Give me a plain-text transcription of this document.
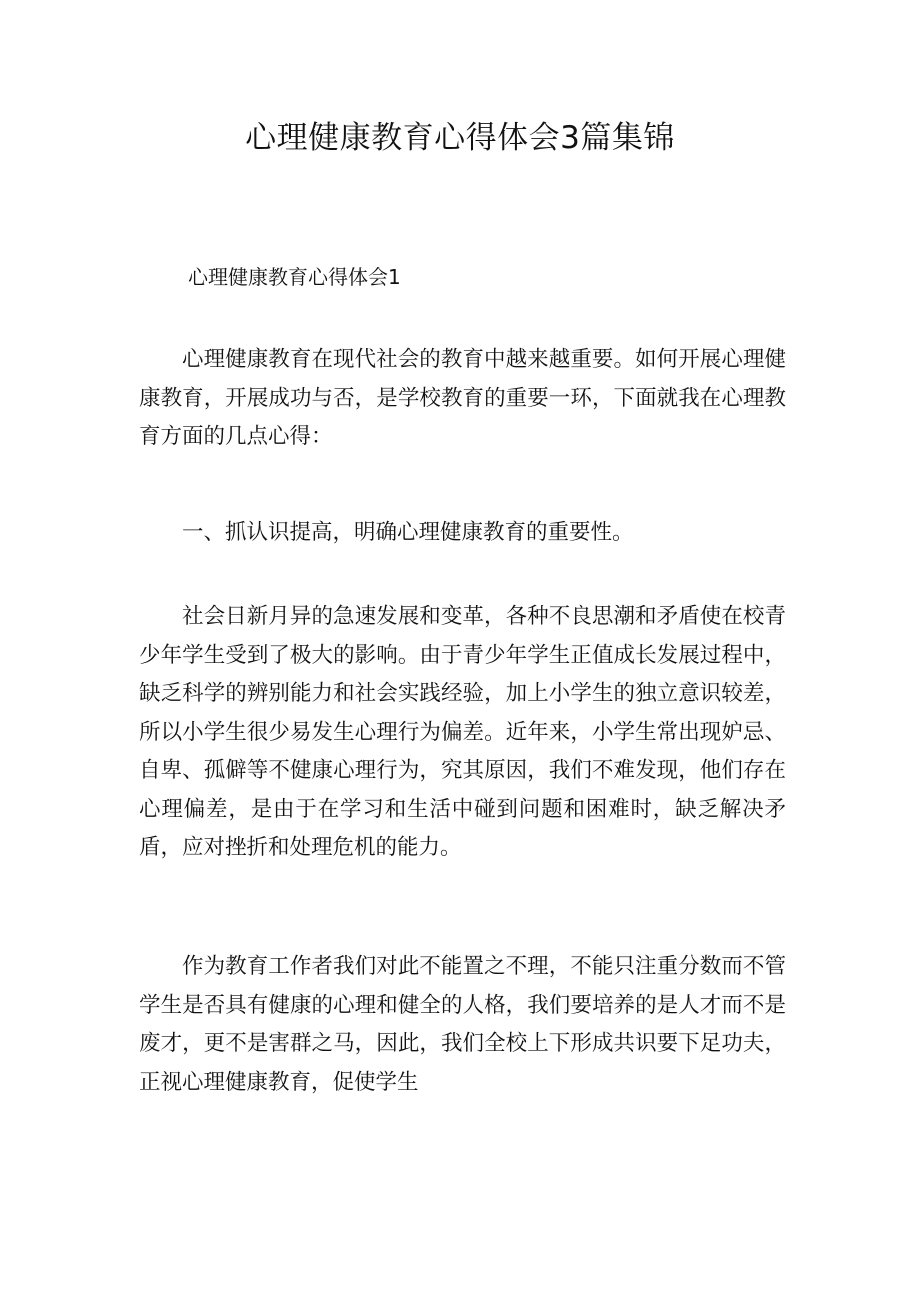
心理健康教育心得体会3篇集锦
心理健康教育心得体会1

心理健康教育在现代社会的教育中越来越重要。如何开展心理健康教育，开展成功与否，是学校教育的重要一环，下面就我在心理教育方面的几点心得：

一、抓认识提高，明确心理健康教育的重要性。

社会日新月异的急速发展和变革，各种不良思潮和矛盾使在校青少年学生受到了极大的影响。由于青少年学生正值成长发展过程中，缺乏科学的辨别能力和社会实践经验，加上小学生的独立意识较差，所以小学生很少易发生心理行为偏差。近年来，小学生常出现妒忌、自卑、孤僻等不健康心理行为，究其原因，我们不难发现，他们存在心理偏差，是由于在学习和生活中碰到问题和困难时，缺乏解决矛盾，应对挫折和处理危机的能力。

作为教育工作者我们对此不能置之不理，不能只注重分数而不管学生是否具有健康的心理和健全的人格，我们要培养的是人才而不是废才，更不是害群之马，因此，我们全校上下形成共识要下足功夫，正视心理健康教育，促使学生
